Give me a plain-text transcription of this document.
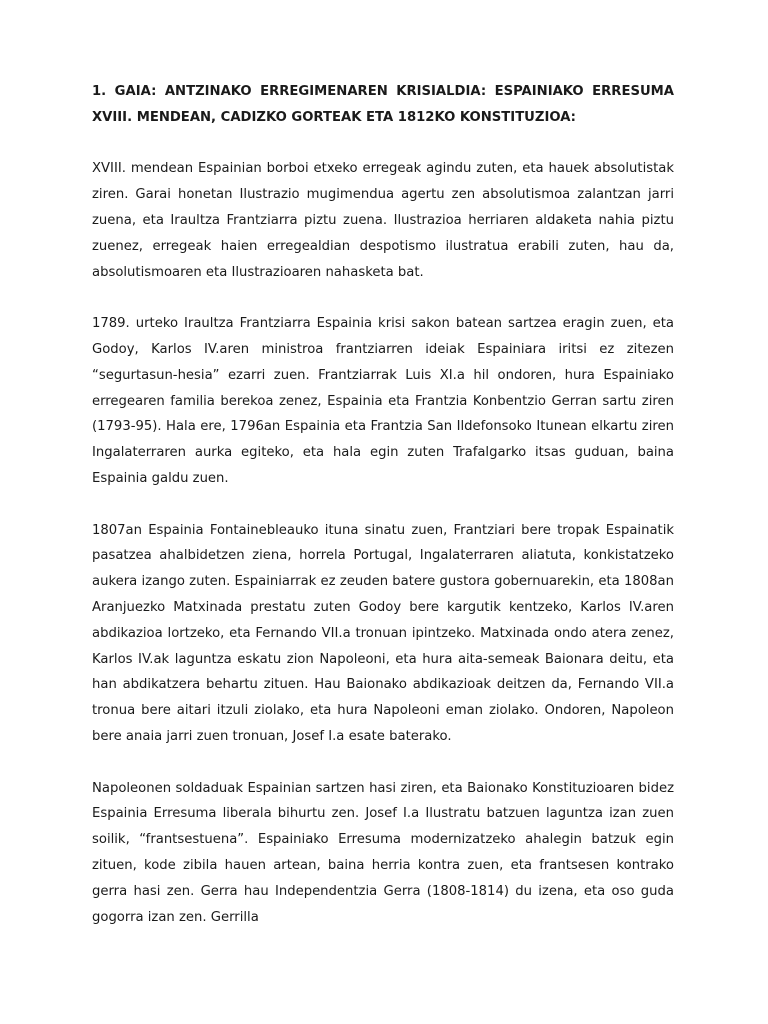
1. GAIA: ANTZINAKO ERREGIMENAREN KRISIALDIA: ESPAINIAKO ERRESUMA XVIII. MENDEAN, CADIZKO GORTEAK ETA 1812KO KONSTITUZIOA:

XVIII. mendean Espainian borboi etxeko erregeak agindu zuten, eta hauek absolutistak ziren. Garai honetan Ilustrazio mugimendua agertu zen absolutismoa zalantzan jarri zuena, eta Iraultza Frantziarra piztu zuena. Ilustrazioa herriaren aldaketa nahia piztu zuenez, erregeak haien erregealdian despotismo ilustratua erabili zuten, hau da, absolutismoaren eta Ilustrazioaren nahasketa bat.

1789. urteko Iraultza Frantziarra Espainia krisi sakon batean sartzea eragin zuen, eta Godoy, Karlos IV.aren ministroa frantziarren ideiak Espainiara iritsi ez zitezen “segurtasun-hesia” ezarri zuen. Frantziarrak Luis XI.a hil ondoren, hura Espainiako erregearen familia berekoa zenez, Espainia eta Frantzia Konbentzio Gerran sartu ziren (1793-95). Hala ere, 1796an Espainia eta Frantzia San Ildefonsoko Itunean elkartu ziren Ingalaterraren aurka egiteko, eta hala egin zuten Trafalgarko itsas guduan, baina Espainia galdu zuen.

1807an Espainia Fontainebleauko ituna sinatu zuen, Frantziari bere tropak Espainatik pasatzea ahalbidetzen ziena, horrela Portugal, Ingalaterraren aliatuta, konkistatzeko aukera izango zuten. Espainiarrak ez zeuden batere gustora gobernuarekin, eta 1808an Aranjuezko Matxinada prestatu zuten Godoy bere kargutik kentzeko, Karlos IV.aren abdikazioa lortzeko, eta Fernando VII.a tronuan ipintzeko. Matxinada ondo atera zenez, Karlos IV.ak laguntza eskatu zion Napoleoni, eta hura aita-semeak Baionara deitu, eta han abdikatzera behartu zituen. Hau Baionako abdikazioak deitzen da, Fernando VII.a tronua bere aitari itzuli ziolako, eta hura Napoleoni eman ziolako. Ondoren, Napoleon bere anaia jarri zuen tronuan, Josef I.a esate baterako.

Napoleonen soldaduak Espainian sartzen hasi ziren, eta Baionako Konstituzioaren bidez Espainia Erresuma liberala bihurtu zen. Josef I.a Ilustratu batzuen laguntza izan zuen soilik, “frantsestuena”. Espainiako Erresuma modernizatzeko ahalegin batzuk egin zituen, kode zibila hauen artean, baina herria kontra zuen, eta frantsesen kontrako gerra hasi zen. Gerra hau Independentzia Gerra (1808-1814) du izena, eta oso guda gogorra izan zen. Gerrilla
